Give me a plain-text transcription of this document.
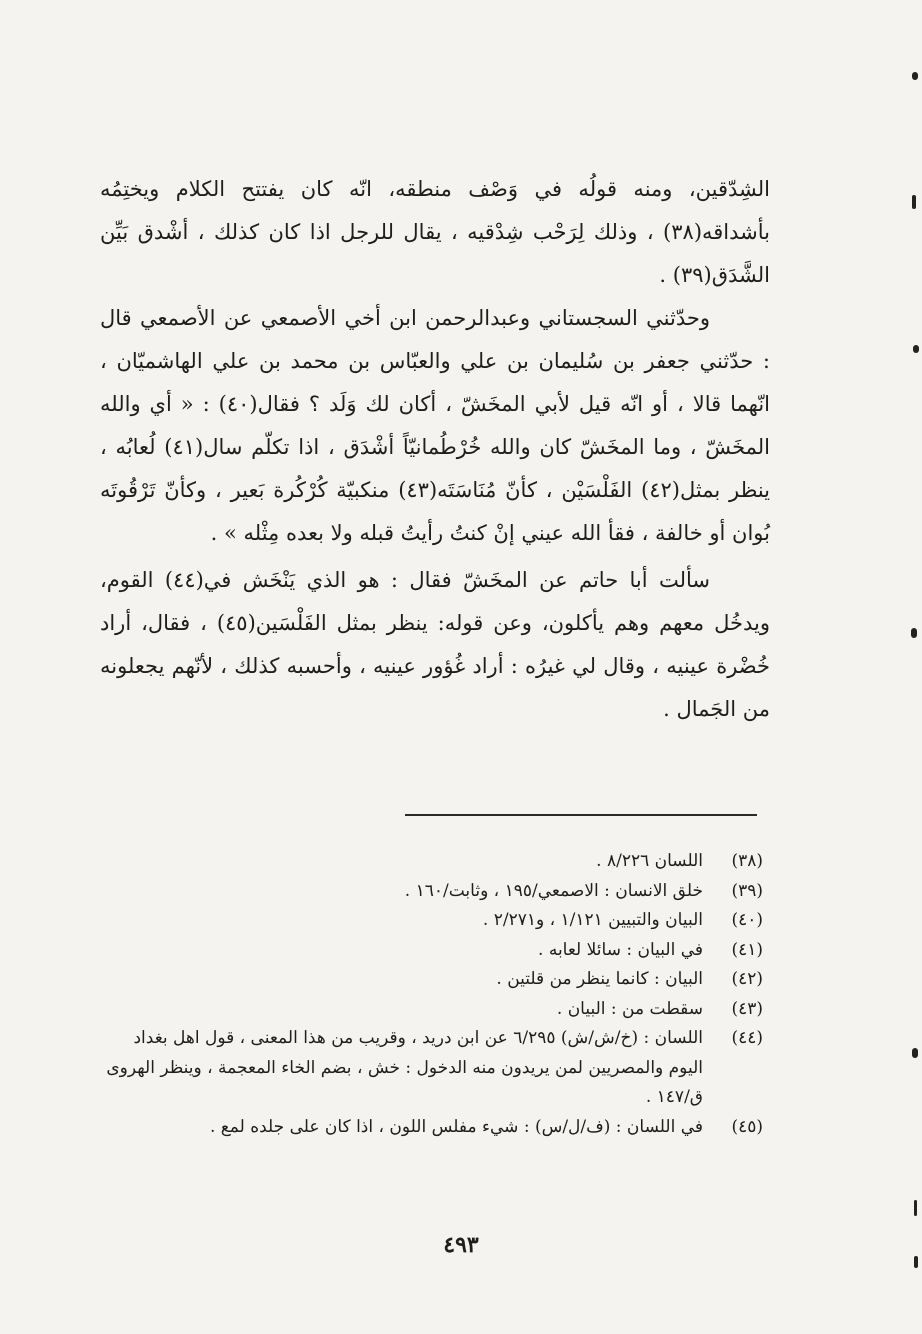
الشِدّقين، ومنه قولُه في وَصْف منطقه، انّه كان يفتتح الكلام ويختِمُه بأشداقه(٣٨) ، وذلك لِرَحْب شِدْقيه ، يقال للرجل اذا كان كذلك ، أشْدق بَيِّن الشَّدَق(٣٩) .

وحدّثني السجستاني وعبدالرحمن ابن أخي الأصمعي عن الأصمعي قال : حدّثني جعفر بن سُليمان بن علي والعبّاس بن محمد بن علي الهاشميّان ، انّهما قالا ، أو انّه قيل لأبي المخَشّ ، أكان لك وَلَد ؟ فقال(٤٠) : « أي والله المخَشّ ، وما المخَشّ كان والله خُرْطُمانيّاً أشْدَق ، اذا تكلّم سال(٤١) لُعابُه ، ينظر بمثل(٤٢) الفَلْسَيْن ، كأنّ مُنَاسَتَه(٤٣) منكبيّة كُرْكُرة بَعير ، وكأنّ تَرْقُوتَه بُوان أو خالفة ، فقأ الله عيني إنْ كنتُ رأيتُ قبله ولا بعده مِثْله » .

سألت أبا حاتم عن المخَشّ فقال : هو الذي يَنْخَش في(٤٤) القوم، ويدخُل معهم وهم يأكلون، وعن قوله: ينظر بمثل الفَلْسَين(٤٥) ، فقال، أراد خُضْرة عينيه ، وقال لي غيرُه : أراد غُؤور عينيه ، وأحسبه كذلك ، لأنّهم يجعلونه من الجَمال .

(٣٨)
اللسان ٨/٢٢٦ .
(٣٩)
خلق الانسان : الاصمعي/١٩٥ ، وثابت/١٦٠ .
(٤٠)
البيان والتبيين ١/١٢١ ، و٢/٢٧١ .
(٤١)
في البيان : سائلا لعابه .
(٤٢)
البيان : كانما ينظر من قلتين .
(٤٣)
سقطت من : البيان .
(٤٤)
اللسان : (خ/ش/ش) ٦/٢٩٥ عن ابن دريد ، وقريب من هذا المعنى ، قول اهل بغداد اليوم والمصريين لمن يريدون منه الدخول : خش ، بضم الخاء المعجمة ، وينظر الهروى ق/١٤٧ .
(٤٥)
في اللسان : (ف/ل/س) : شيء مفلس اللون ، اذا كان على جلده لمع .
٤٩٣
